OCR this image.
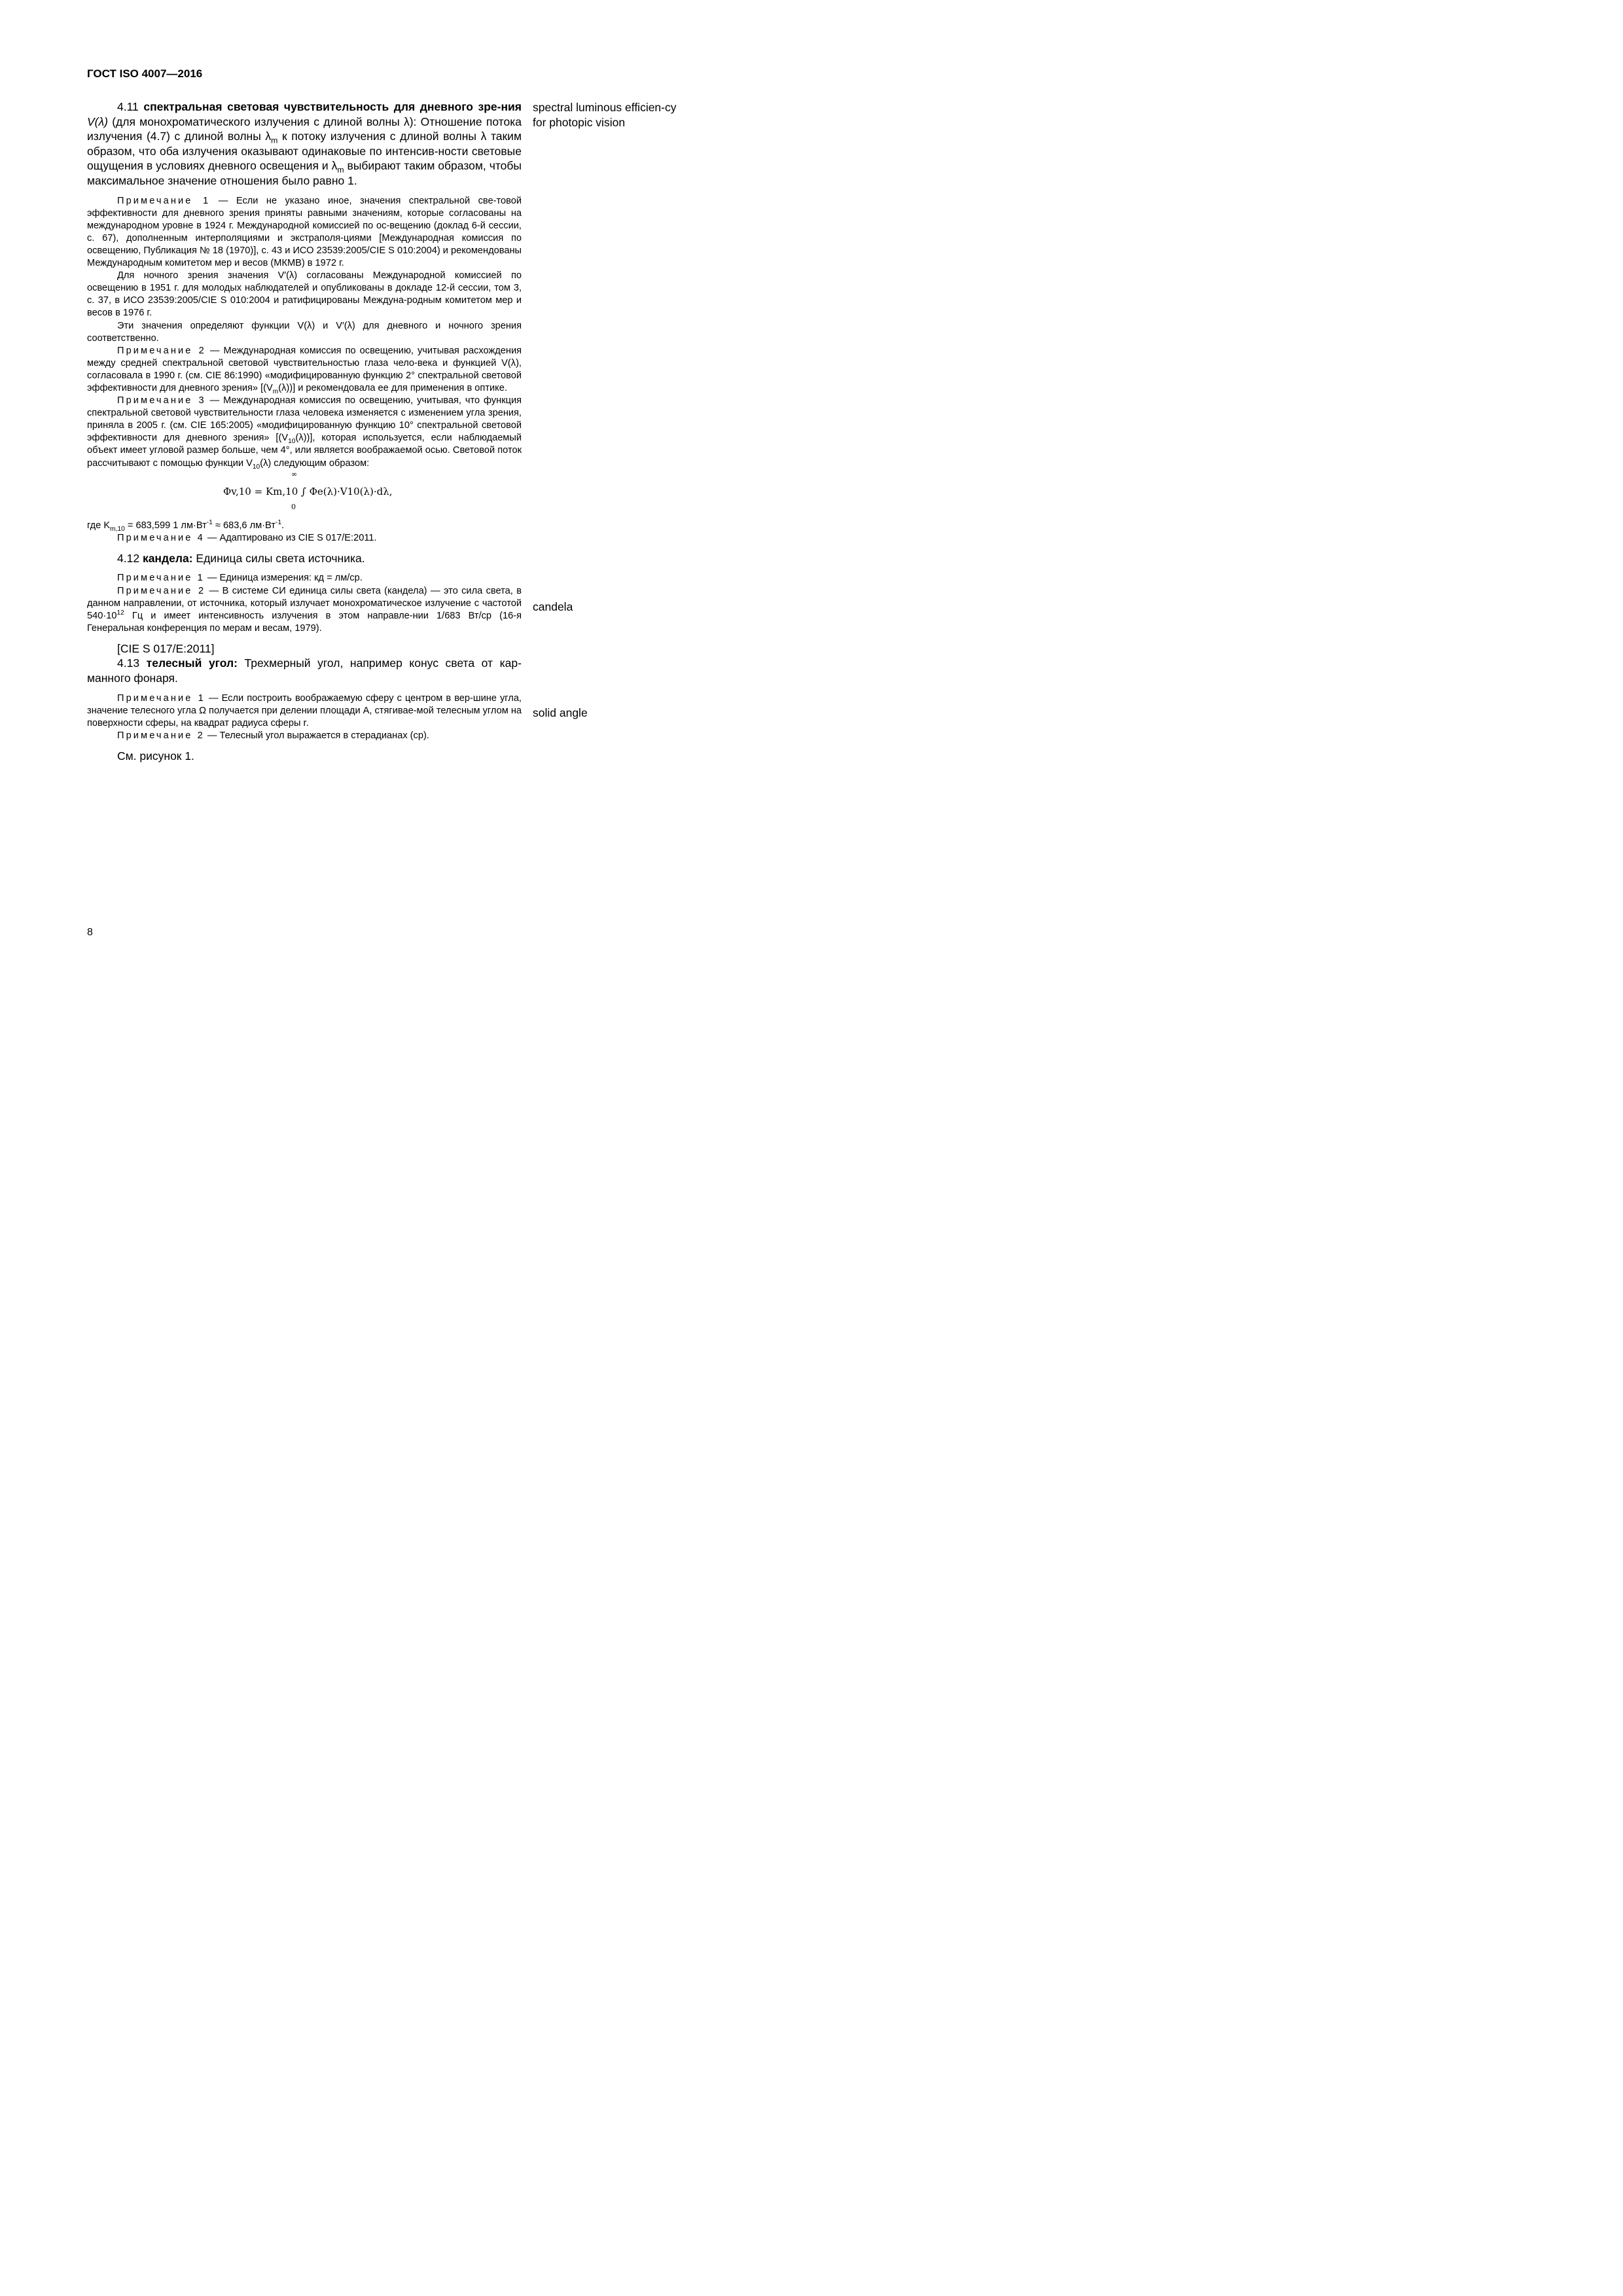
ГОСТ ISO 4007—2016
spectral luminous efficien-cy for photopic vision
candela
solid angle

4.11 спектральная световая чувствительность для дневного зре-ния V(λ) (для монохроматического излучения с длиной волны λ): Отношение потока излучения (4.7) с длиной волны $\lambda_m$ к потоку излучения с длиной волны λ таким образом, что оба излучения оказывают одинаковые по интенсив-ности световые ощущения в условиях дневного освещения и $\lambda_m$ выбирают таким образом, чтобы максимальное значение отношения было равно 1.

Примечание 1 — Если не указано иное, значения спектральной све-товой эффективности для дневного зрения приняты равными значениям, которые согласованы на международном уровне в 1924 г. Международной комиссией по ос-вещению (доклад 6-й сессии, с. 67), дополненным интерполяциями и экстраполя-циями [Международная комиссия по освещению, Публикация № 18 (1970)], с. 43 и ИСО 23539:2005/CIE S 010:2004) и рекомендованы Международным комитетом мер и весов (МКМВ) в 1972 г.

Для ночного зрения значения V′(λ) согласованы Международной комиссией по освещению в 1951 г. для молодых наблюдателей и опубликованы в докладе 12-й сессии, том 3, с. 37, в ИСО 23539:2005/CIE S 010:2004 и ратифицированы Междуна-родным комитетом мер и весов в 1976 г.

Эти значения определяют функции V(λ) и V′(λ) для дневного и ночного зрения соответственно.

Примечание 2 — Международная комиссия по освещению, учитывая расхождения между средней спектральной световой чувствительностью глаза чело-века и функцией V(λ), согласовала в 1990 г. (см. CIE 86:1990) «модифицированную функцию 2° спектральной световой эффективности для дневного зрения» $[(V_m(\lambda))]$ и рекомендовала ее для применения в оптике.

Примечание 3 — Международная комиссия по освещению, учитывая, что функция спектральной световой чувствительности глаза человека изменяется с изменением угла зрения, приняла в 2005 г. (см. CIE 165:2005) «модифицированную функцию 10° спектральной световой эффективности для дневного зрения» $[(V_{10}(\lambda))]$, которая используется, если наблюдаемый объект имеет угловой размер больше, чем 4°, или является воображаемой осью. Световой поток рассчитывают с помощью функции $V_{10}(\lambda)$ следующим образом:

∞
Φv,10 = Km,10 ∫ Φe(λ)·V10(λ)·dλ,
0

где $K_{m,10} = 683,599$ 1 $лм\cdot Вт^{-1} \approx 683,6$ $лм\cdot Вт^{-1}$.

Примечание 4 — Адаптировано из CIE S 017/E:2011.

4.12 кандела: Единица силы света источника.

Примечание 1 — Единица измерения: кд = лм/ср.

Примечание 2 — В системе СИ единица силы света (кандела) — это сила света, в данном направлении, от источника, который излучает монохроматическое излучение с частотой $540\cdot 10^{12}$ Гц и имеет интенсивность излучения в этом направле-нии 1/683 Вт/ср (16-я Генеральная конференция по мерам и весам, 1979).

[CIE S 017/E:2011]

4.13 телесный угол: Трехмерный угол, например конус света от кар-манного фонаря.

Примечание 1 — Если построить воображаемую сферу с центром в вер-шине угла, значение телесного угла Ω получается при делении площади A, стягивае-мой телесным углом на поверхности сферы, на квадрат радиуса сферы r.

Примечание 2 — Телесный угол выражается в стерадианах (ср).

См. рисунок 1.

8
